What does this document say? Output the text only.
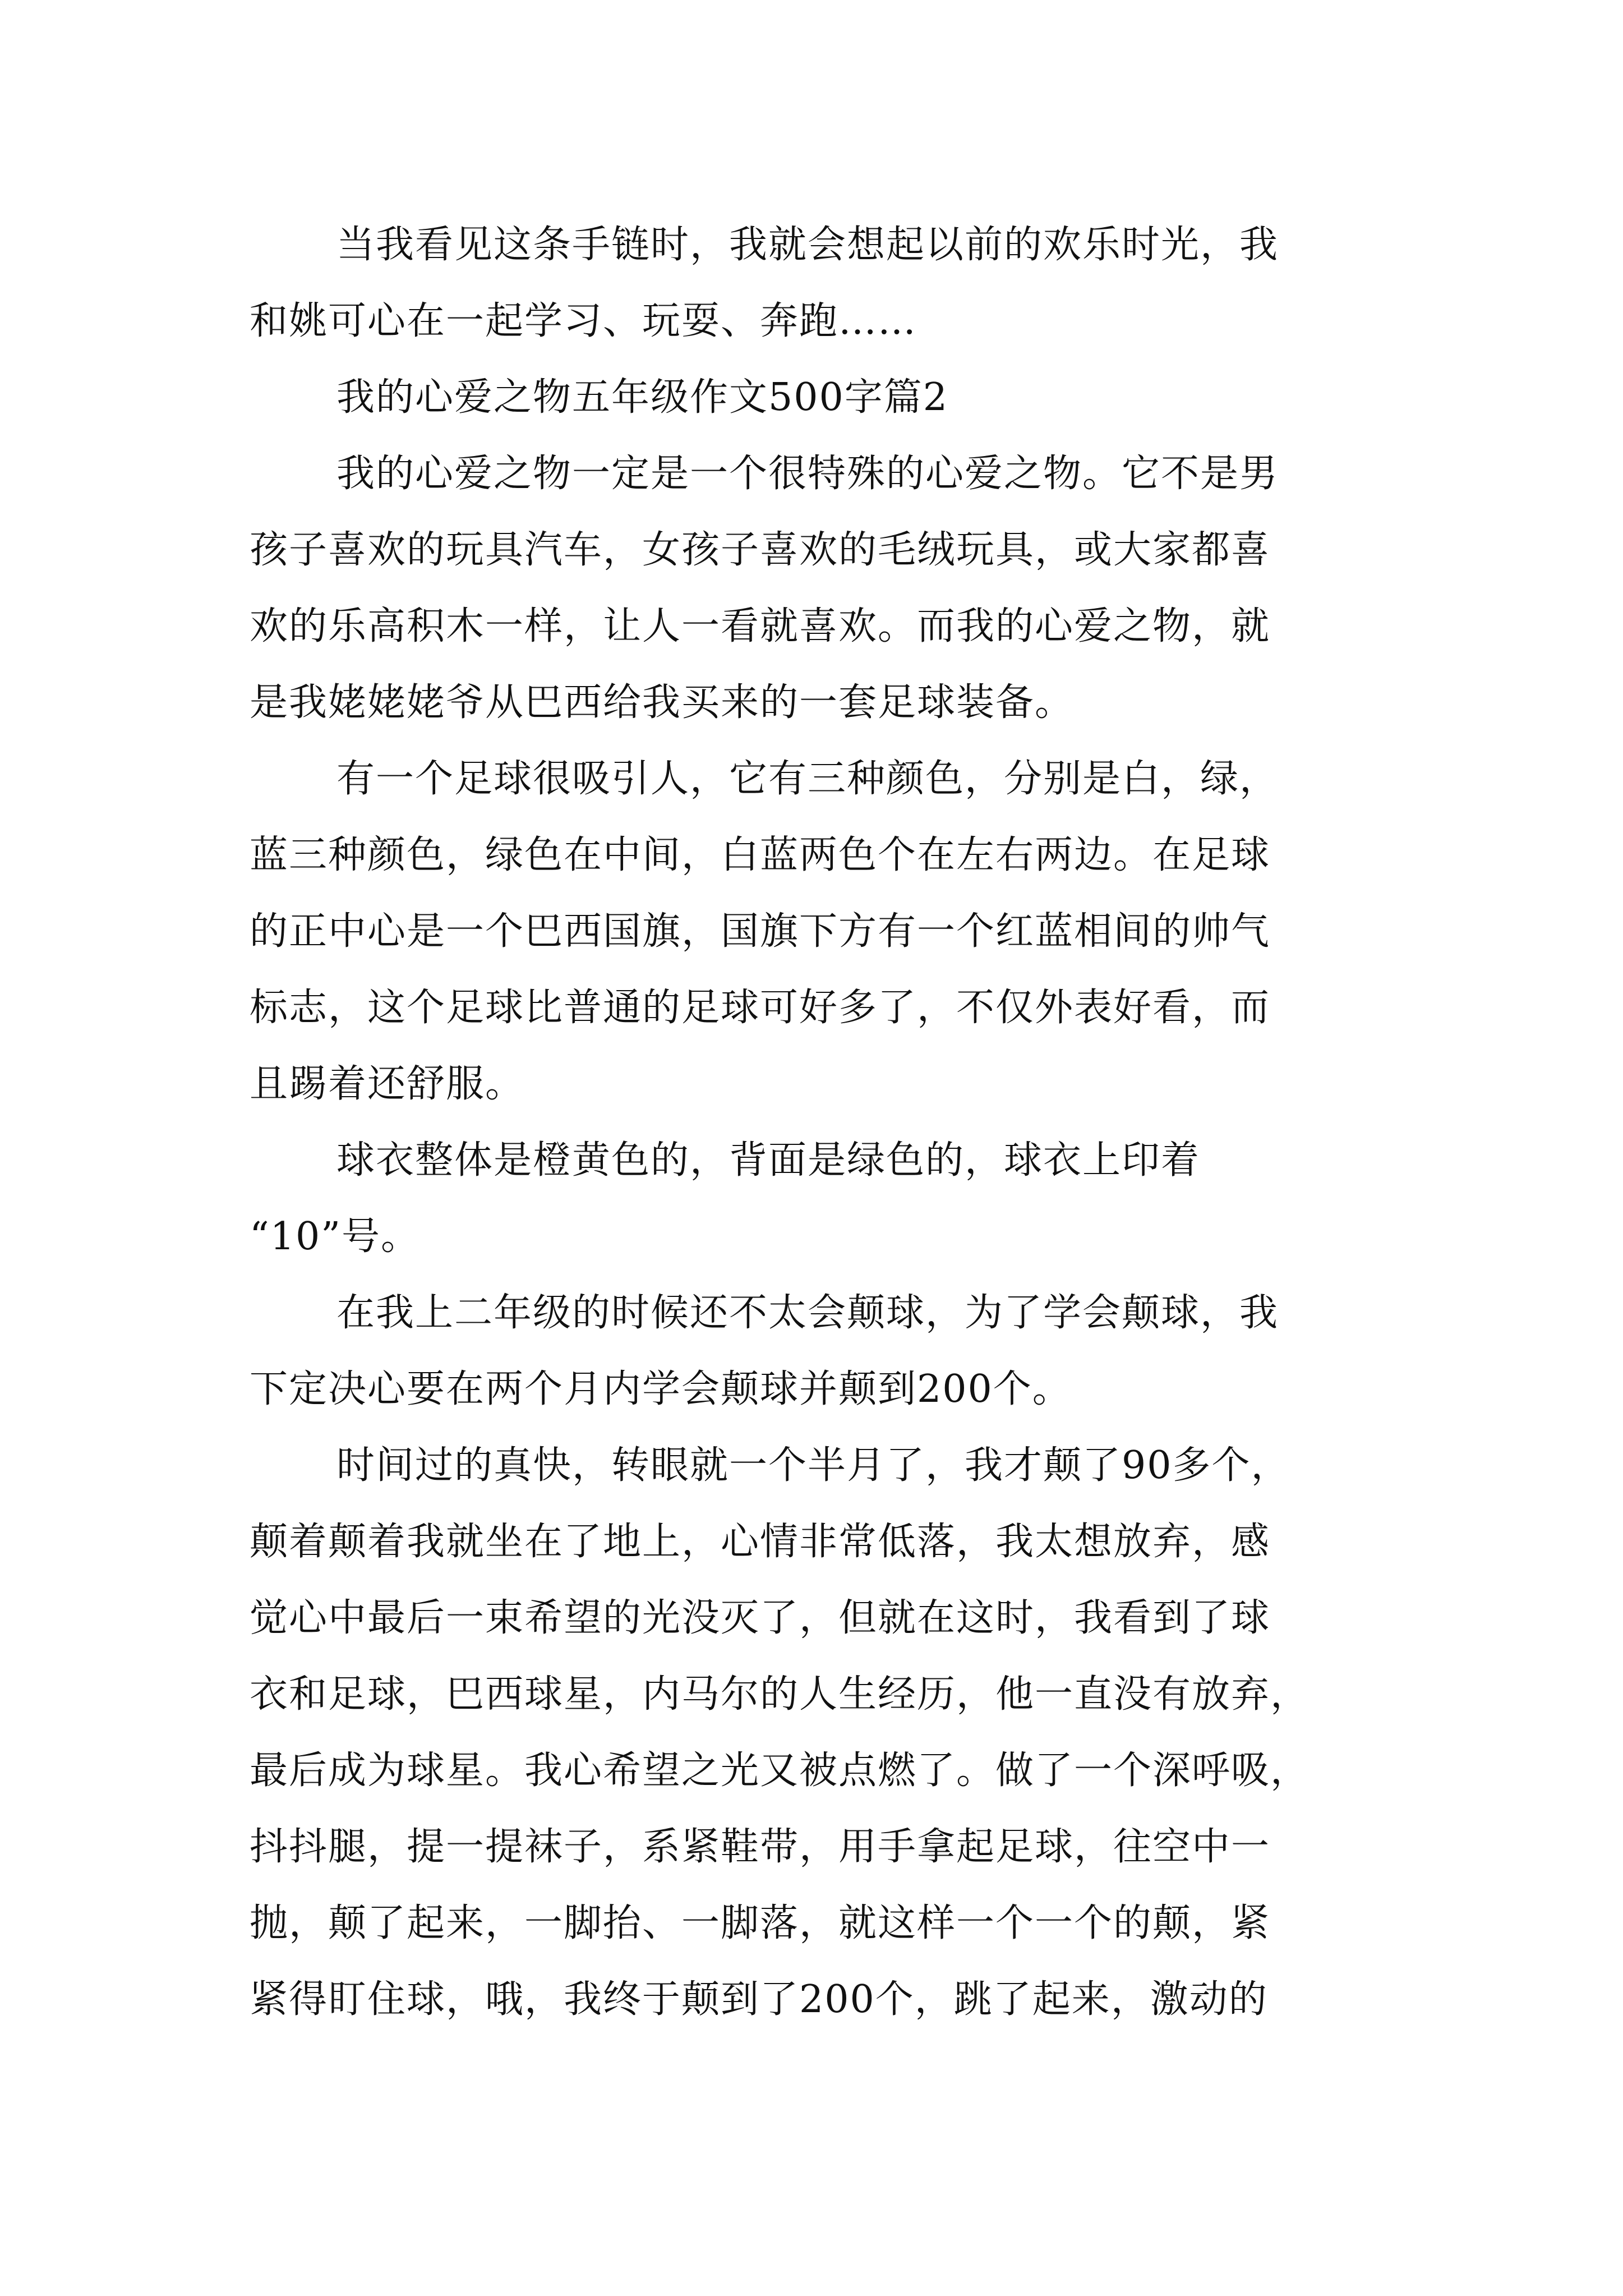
当我看见这条手链时，我就会想起以前的欢乐时光，我
和姚可心在一起学习、玩耍、奔跑……
我的心爱之物五年级作文500字篇2
我的心爱之物一定是一个很特殊的心爱之物。它不是男
孩子喜欢的玩具汽车，女孩子喜欢的毛绒玩具，或大家都喜
欢的乐高积木一样，让人一看就喜欢。而我的心爱之物，就
是我姥姥姥爷从巴西给我买来的一套足球装备。
有一个足球很吸引人，它有三种颜色，分别是白，绿，
蓝三种颜色，绿色在中间，白蓝两色个在左右两边。在足球
的正中心是一个巴西国旗，国旗下方有一个红蓝相间的帅气
标志，这个足球比普通的足球可好多了，不仅外表好看，而
且踢着还舒服。
球衣整体是橙黄色的，背面是绿色的，球衣上印着
“10”号。
在我上二年级的时候还不太会颠球，为了学会颠球，我
下定决心要在两个月内学会颠球并颠到200个。
时间过的真快，转眼就一个半月了，我才颠了90多个，
颠着颠着我就坐在了地上，心情非常低落，我太想放弃，感
觉心中最后一束希望的光没灭了，但就在这时，我看到了球
衣和足球，巴西球星，内马尔的人生经历，他一直没有放弃，
最后成为球星。我心希望之光又被点燃了。做了一个深呼吸，
抖抖腿，提一提袜子，系紧鞋带，用手拿起足球，往空中一
抛，颠了起来，一脚抬、一脚落，就这样一个一个的颠，紧
紧得盯住球，哦，我终于颠到了200个，跳了起来，激动的
